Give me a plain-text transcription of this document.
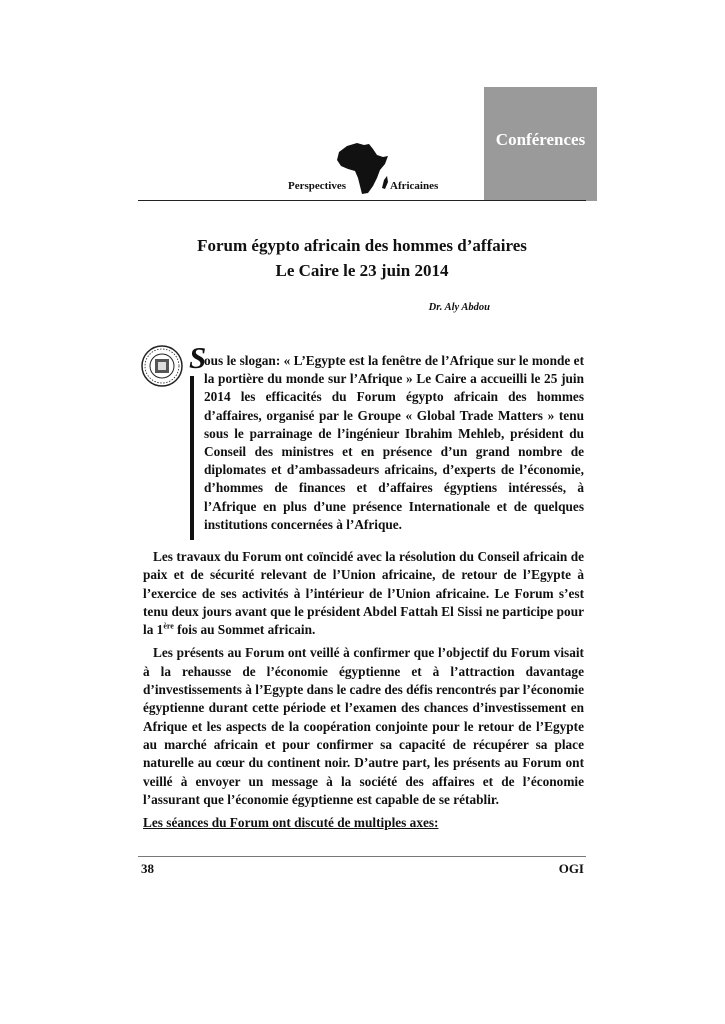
Conférences
Perspectives	Africaines
Forum égypto africain des hommes d’affaires
Le Caire le 23 juin 2014
Dr. Aly Abdou
S
ous le slogan: « L’Egypte est la fenêtre de l’Afrique sur le monde et la portière du monde sur l’Afrique » Le Caire a accueilli le 25 juin 2014 les efficacités du Forum égypto africain des hommes d’affaires, organisé par le Groupe « Global Trade Matters » tenu sous le parrainage de l’ingénieur Ibrahim Mehleb, président du Conseil des ministres et en présence d’un grand nombre de diplomates et d’ambassadeurs africains, d’experts de l’économie, d’hommes de finances et d’affaires égyptiens intéressés, à l’Afrique en plus d’une présence Internationale et de quelques institutions concernées à l’Afrique.

Les travaux du Forum ont coïncidé avec la résolution du Conseil africain de paix et de sécurité relevant de l’Union africaine, de retour de l’Egypte à l’exercice de ses activités à l’intérieur de l’Union africaine. Le Forum s’est tenu deux jours avant que le président Abdel Fattah El Sissi ne participe pour la 1ère fois au Sommet africain.

Les présents au Forum ont veillé à confirmer que l’objectif du Forum visait à la rehausse de l’économie égyptienne et à l’attraction davantage d’investissements à l’Egypte dans le cadre des défis rencontrés par l’économie égyptienne durant cette période et l’examen des chances d’investissement en Afrique et les aspects de la coopération conjointe pour le retour de l’Egypte au marché africain et pour confirmer sa capacité de récupérer sa place naturelle au cœur du continent noir. D’autre part, les présents au Forum ont veillé à envoyer un message à la société des affaires et de l’économie l’assurant que l’économie égyptienne est capable de se rétablir.

Les séances du Forum ont discuté de multiples axes:

38	OGI
